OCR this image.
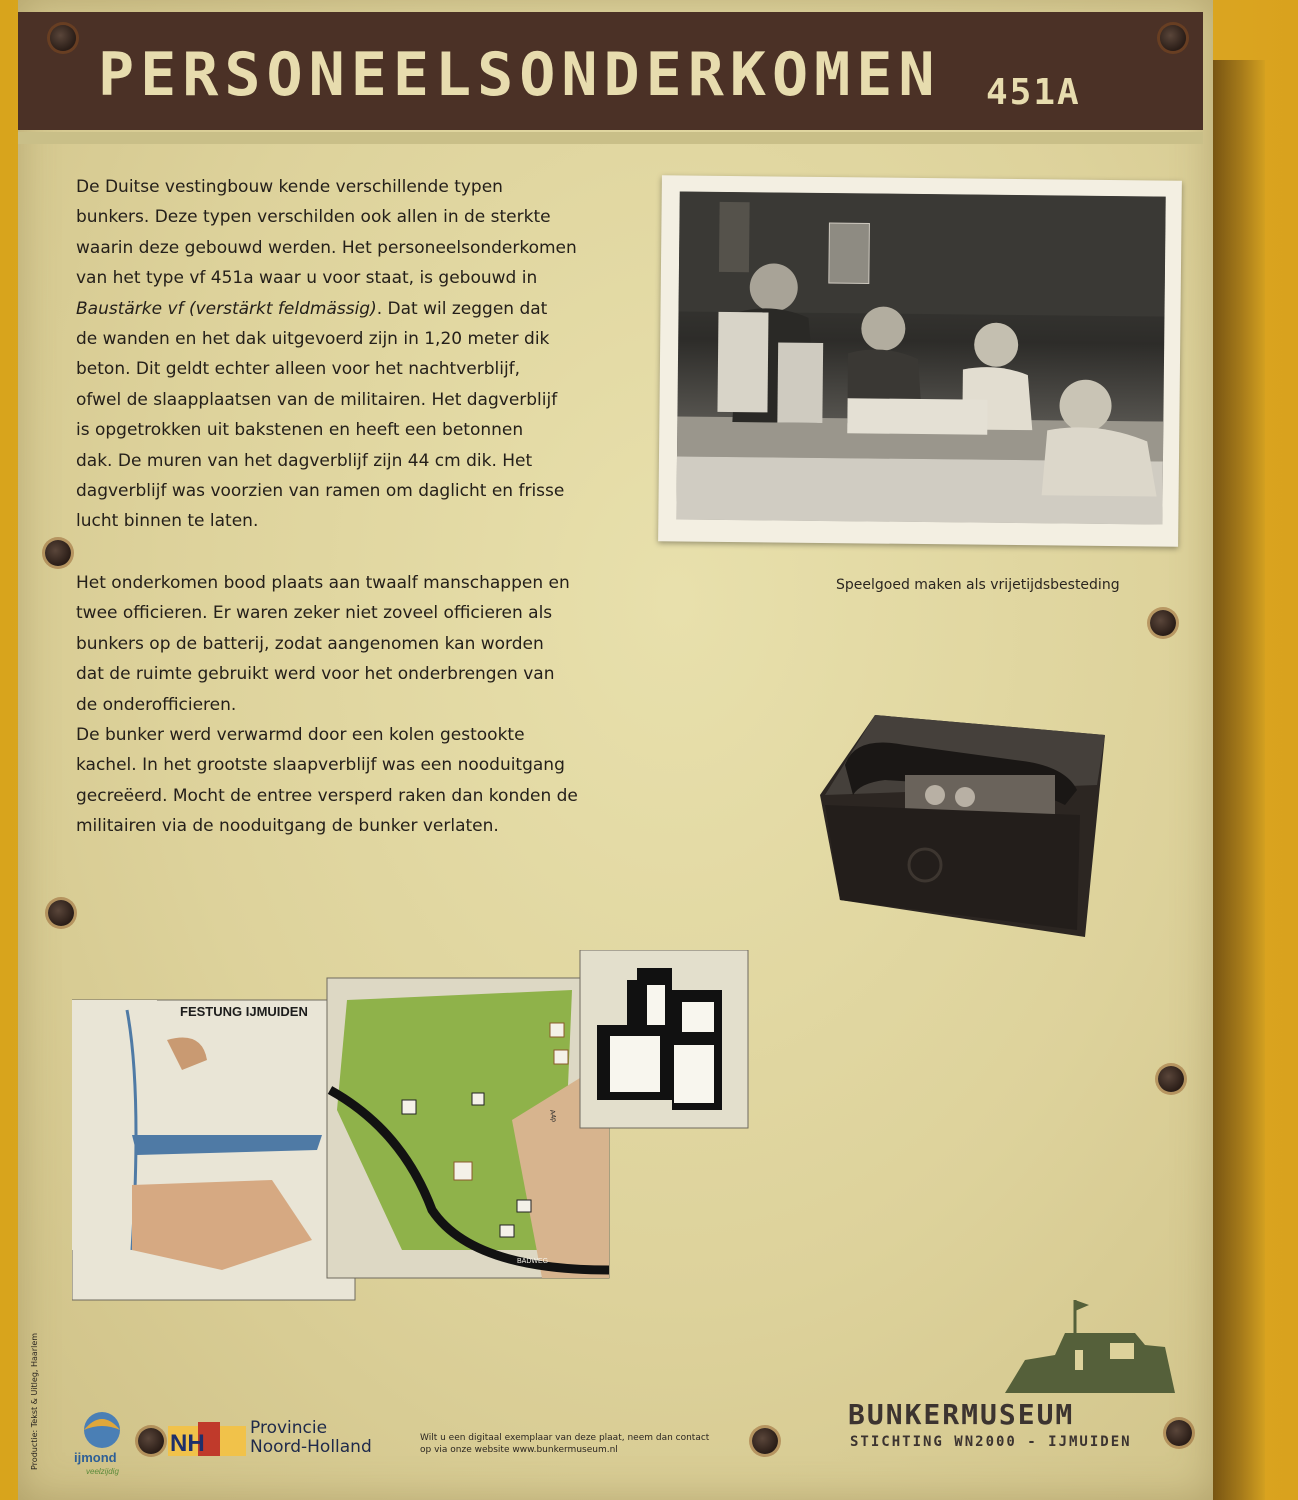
PERSONEELSONDERKOMEN 451A

De Duitse vestingbouw kende verschillende typen

bunkers. Deze typen verschilden ook allen in de sterkte

waarin deze gebouwd werden. Het personeelsonderkomen

van het type vf 451a waar u voor staat, is gebouwd in

Baustärke vf (verstärkt feldmässig). Dat wil zeggen dat

de wanden en het dak uitgevoerd zijn in 1,20 meter dik

beton. Dit geldt echter alleen voor het nachtverblijf,

ofwel de slaapplaatsen van de militairen. Het dagverblijf

is opgetrokken uit bakstenen en heeft een betonnen

dak. De muren van het dagverblijf zijn 44 cm dik. Het

dagverblijf was voorzien van ramen om daglicht en frisse

lucht binnen te laten.

Het onderkomen bood plaats aan twaalf manschappen en

twee officieren. Er waren zeker niet zoveel officieren als

bunkers op de batterij, zodat aangenomen kan worden

dat de ruimte gebruikt werd voor het onderbrengen van

de onderofficieren.

De bunker werd verwarmd door een kolen gestookte

kachel. In het grootste slaapverblijf was een nooduitgang

gecreëerd. Mocht de entree versperd raken dan konden de

militairen via de nooduitgang de bunker verlaten.

Speelgoed maken als vrijetijdsbesteding
FESTUNG IJMUIDEN
BADWEG
A4p
Productie: Tekst & Uitleg, Haarlem	ijmond
veelzijdig
NH
Provincie
Noord-Holland	Wilt u een digitaal exemplaar van deze plaat, neem dan contact op via onze website www.bunkermuseum.nl
BUNKERMUSEUM
STICHTING WN2000 - IJMUIDEN
